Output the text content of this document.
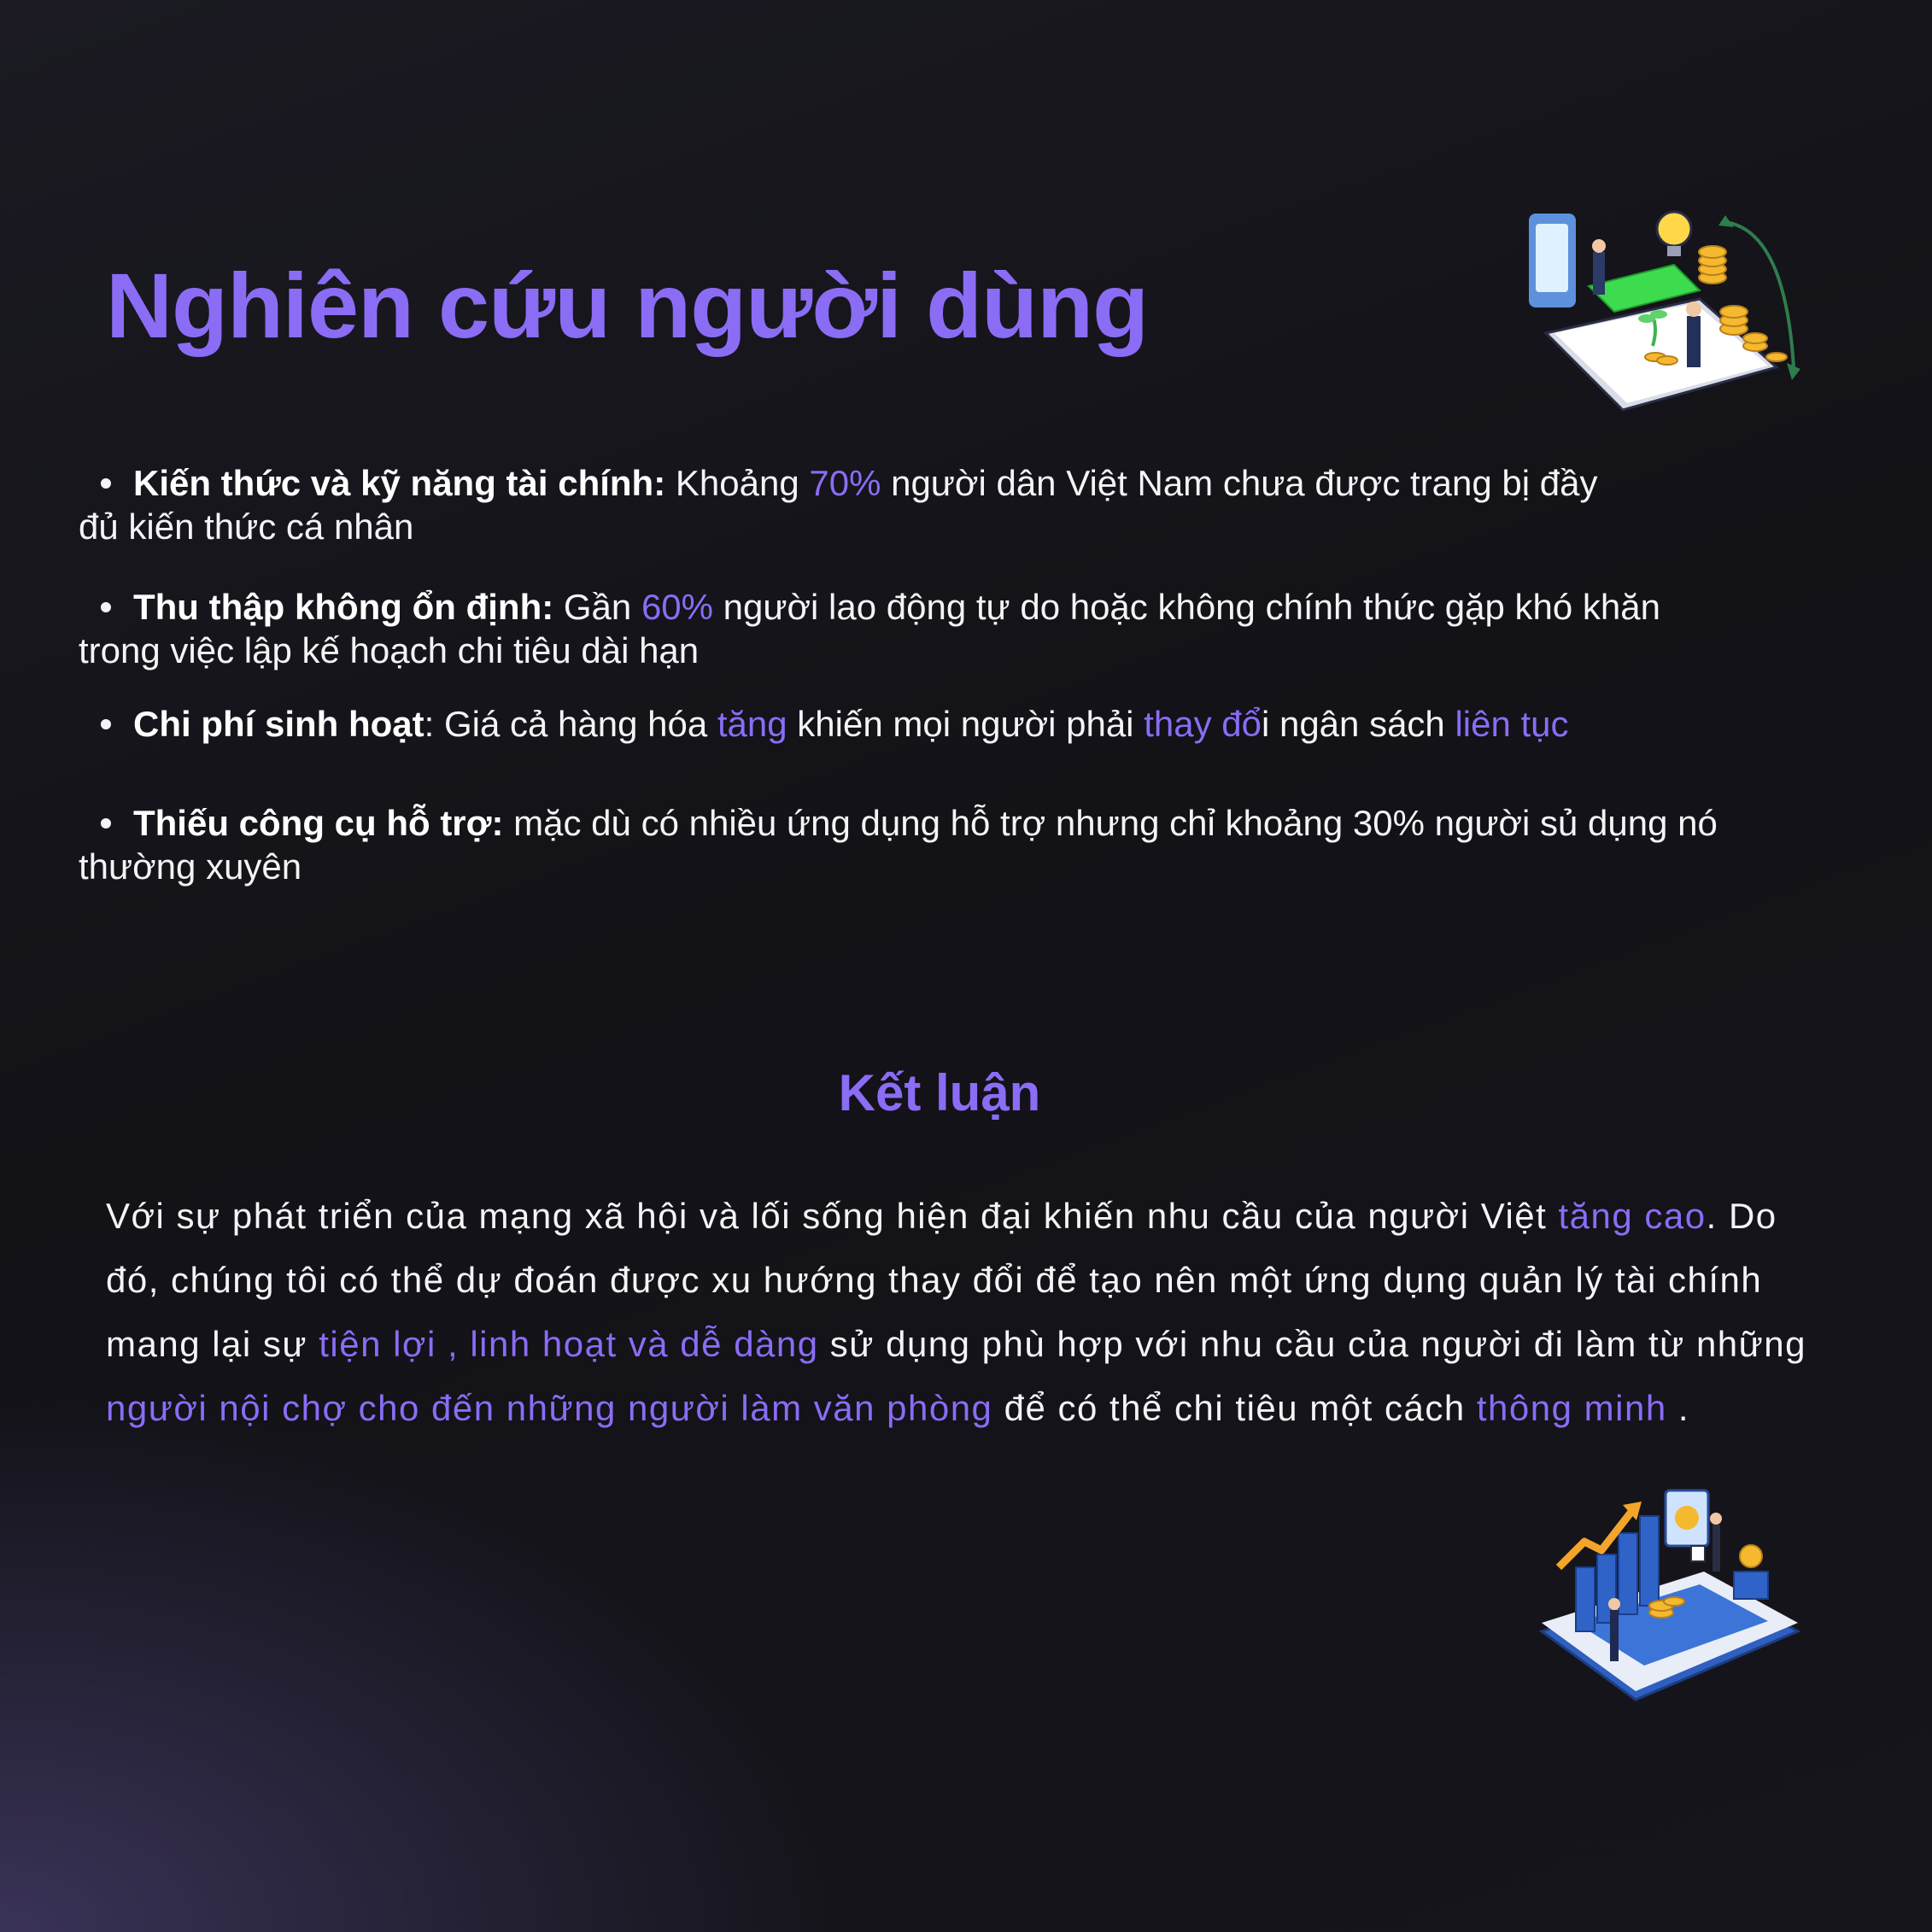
Nghiên cứu người dùng
• Kiến thức và kỹ năng tài chính: Khoảng 70% người dân Việt Nam chưa được trang bị đầy
đủ kiến thức cá nhân
• Thu thập không ổn định: Gần 60% người lao động tự do hoặc không chính thức gặp khó khăn
trong việc lập kế hoạch chi tiêu dài hạn
• Chi phí sinh hoạt: Giá cả hàng hóa tăng khiến mọi người phải thay đổi ngân sách liên tục
• Thiếu công cụ hỗ trợ: mặc dù có nhiều ứng dụng hỗ trợ nhưng chỉ khoảng 30% người sủ dụng nó
thường xuyên
Kết luận

Với sự phát triển của mạng xã hội và lối sống hiện đại khiến nhu cầu của người Việt tăng cao. Do đó, chúng tôi có thể dự đoán được xu hướng thay đổi để tạo nên một ứng dụng quản lý tài chính mang lại sự tiện lợi , linh hoạt và dễ dàng sử dụng phù hợp với nhu cầu của người đi làm từ những người nội chợ cho đến những người làm văn phòng để có thể chi tiêu một cách thông minh .
